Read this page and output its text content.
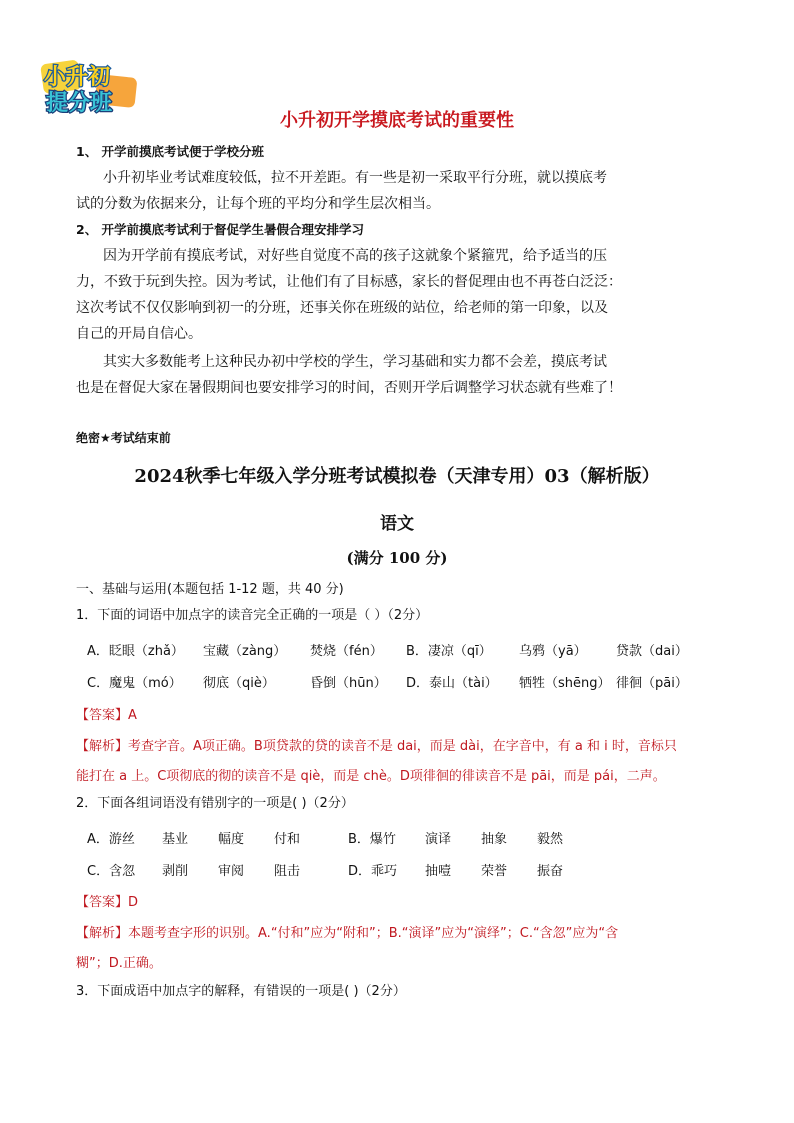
小升初
提分班
小升初开学摸底考试的重要性
1、 开学前摸底考试便于学校分班
小升初毕业考试难度较低，拉不开差距。有一些是初一采取平行分班，就以摸底考
试的分数为依据来分，让每个班的平均分和学生层次相当。
2、 开学前摸底考试利于督促学生暑假合理安排学习
因为开学前有摸底考试，对好些自觉度不高的孩子这就象个紧箍咒，给予适当的压
力，不致于玩到失控。因为考试，让他们有了目标感，家长的督促理由也不再苍白泛泛：
这次考试不仅仅影响到初一的分班，还事关你在班级的站位，给老师的第一印象，以及
自己的开局自信心。
其实大多数能考上这种民办初中学校的学生，学习基础和实力都不会差，摸底考试
也是在督促大家在暑假期间也要安排学习的时间，否则开学后调整学习状态就有些难了！
绝密★考试结束前
2024秋季七年级入学分班考试模拟卷（天津专用）03（解析版）
语文
(满分 100 分)
一、基础与运用(本题包括 1-12 题，共 40 分)
1．下面的词语中加点字的读音完全正确的一项是（ ）（2分）
A．眨眼（zhǎ） 宝藏（zàng） 焚烧（fén） B．凄凉（qī） 乌鸦（yā） 贷款（dai）
C．魔鬼（mó） 彻底（qiè）	昏倒（hūn） D．泰山（tài） 牺牲（shēng） 徘徊（pāi）
【答案】A
【解析】考查字音。A项正确。B项贷款的贷的读音不是 dai，而是 dài，在字音中，有 a 和 i 时，音标只
能打在 a 上。C项彻底的彻的读音不是 qiè，而是 chè。D项徘徊的徘读音不是 pāi，而是 pái，二声。
2．下面各组词语没有错别字的一项是( )（2分）
A．游丝 基业 幅度 付和	B．爆竹 演译 抽象 毅然
C．含忽 剥削 审阅 阻击	D．乖巧 抽噎 荣誉 振奋
【答案】D
【解析】本题考查字形的识别。A.“付和”应为“附和”；B.“演译”应为“演绎”；C.“含忽”应为“含
糊”；D.正确。
3．下面成语中加点字的解释，有错误的一项是( )（2分）
